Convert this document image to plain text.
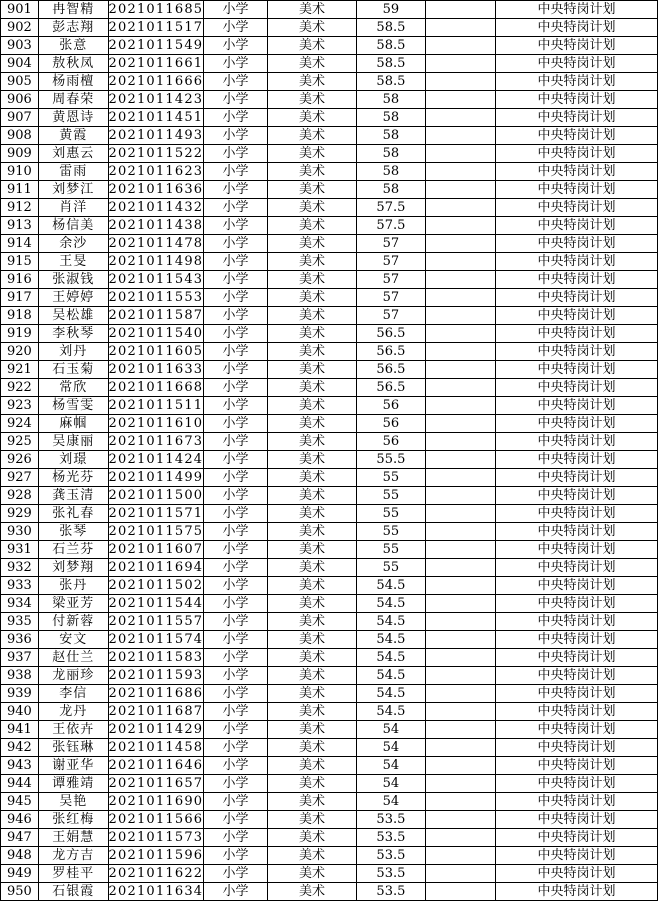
901	冉智精	2021011685	小学	美术	59		中央特岗计划
902	彭志翔	2021011517	小学	美术	58.5		中央特岗计划
903	张意	2021011549	小学	美术	58.5		中央特岗计划
904	敖秋凤	2021011661	小学	美术	58.5		中央特岗计划
905	杨雨檀	2021011666	小学	美术	58.5		中央特岗计划
906	周春荣	2021011423	小学	美术	58		中央特岗计划
907	黄恩诗	2021011451	小学	美术	58		中央特岗计划
908	黄霞	2021011493	小学	美术	58		中央特岗计划
909	刘惠云	2021011522	小学	美术	58		中央特岗计划
910	雷雨	2021011623	小学	美术	58		中央特岗计划
911	刘梦江	2021011636	小学	美术	58		中央特岗计划
912	肖洋	2021011432	小学	美术	57.5		中央特岗计划
913	杨信美	2021011438	小学	美术	57.5		中央特岗计划
914	余沙	2021011478	小学	美术	57		中央特岗计划
915	王旻	2021011498	小学	美术	57		中央特岗计划
916	张淑钱	2021011543	小学	美术	57		中央特岗计划
917	王婷婷	2021011553	小学	美术	57		中央特岗计划
918	吴松雄	2021011587	小学	美术	57		中央特岗计划
919	李秋琴	2021011540	小学	美术	56.5		中央特岗计划
920	刘丹	2021011605	小学	美术	56.5		中央特岗计划
921	石玉菊	2021011633	小学	美术	56.5		中央特岗计划
922	常欣	2021011668	小学	美术	56.5		中央特岗计划
923	杨雪雯	2021011511	小学	美术	56		中央特岗计划
924	麻帼	2021011610	小学	美术	56		中央特岗计划
925	吴康丽	2021011673	小学	美术	56		中央特岗计划
926	刘璟	2021011424	小学	美术	55.5		中央特岗计划
927	杨光芬	2021011499	小学	美术	55		中央特岗计划
928	龚玉清	2021011500	小学	美术	55		中央特岗计划
929	张礼春	2021011571	小学	美术	55		中央特岗计划
930	张琴	2021011575	小学	美术	55		中央特岗计划
931	石兰芬	2021011607	小学	美术	55		中央特岗计划
932	刘梦翔	2021011694	小学	美术	55		中央特岗计划
933	张丹	2021011502	小学	美术	54.5		中央特岗计划
934	梁亚芳	2021011544	小学	美术	54.5		中央特岗计划
935	付新蓉	2021011557	小学	美术	54.5		中央特岗计划
936	安文	2021011574	小学	美术	54.5		中央特岗计划
937	赵仕兰	2021011583	小学	美术	54.5		中央特岗计划
938	龙丽珍	2021011593	小学	美术	54.5		中央特岗计划
939	李信	2021011686	小学	美术	54.5		中央特岗计划
940	龙丹	2021011687	小学	美术	54.5		中央特岗计划
941	王依卉	2021011429	小学	美术	54		中央特岗计划
942	张钰琳	2021011458	小学	美术	54		中央特岗计划
943	谢亚华	2021011646	小学	美术	54		中央特岗计划
944	谭雅靖	2021011657	小学	美术	54		中央特岗计划
945	吴艳	2021011690	小学	美术	54		中央特岗计划
946	张红梅	2021011566	小学	美术	53.5		中央特岗计划
947	王娟慧	2021011573	小学	美术	53.5		中央特岗计划
948	龙方吉	2021011596	小学	美术	53.5		中央特岗计划
949	罗桂平	2021011622	小学	美术	53.5		中央特岗计划
950	石银霞	2021011634	小学	美术	53.5		中央特岗计划
